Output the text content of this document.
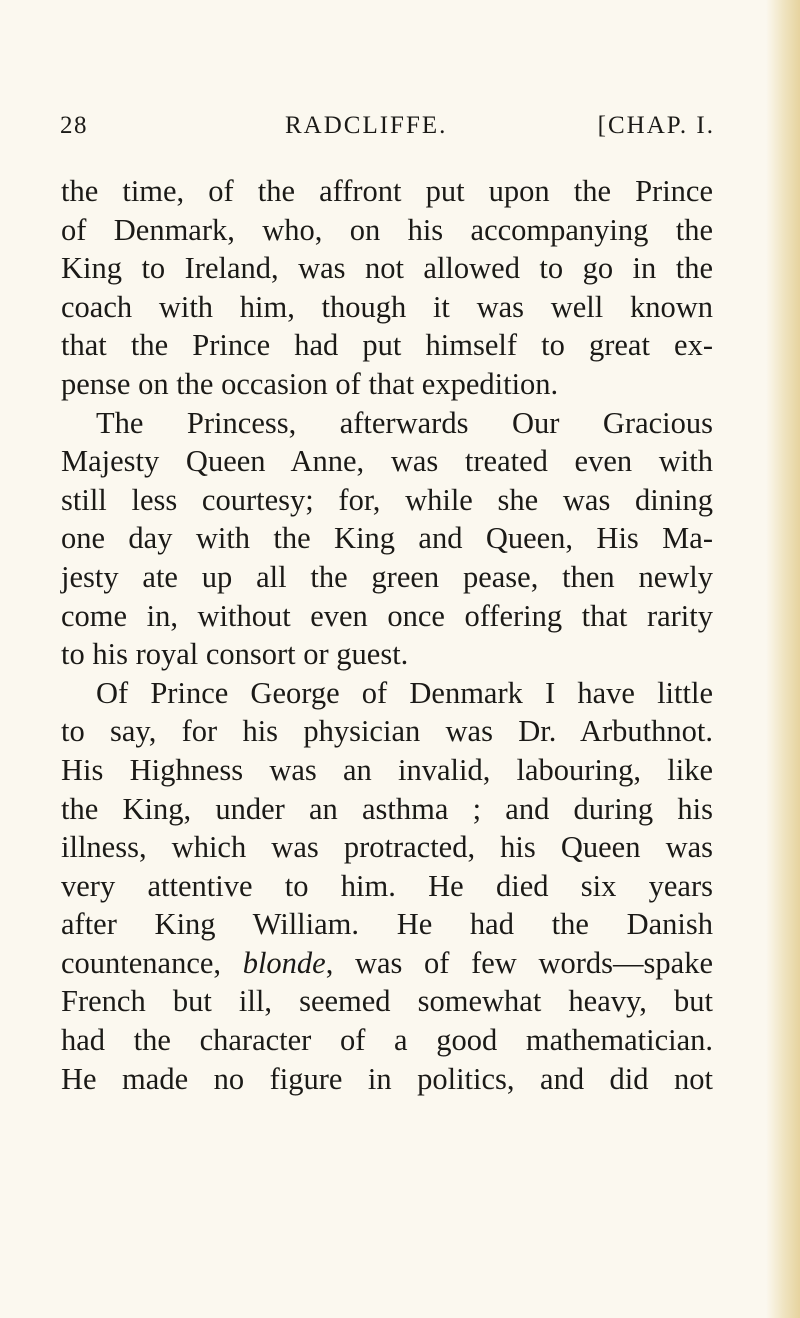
28	RADCLIFFE.	[CHAP. I.
the time, of the affront put upon the Prince
of Denmark, who, on his accompanying the
King to Ireland, was not allowed to go in the
coach with him, though it was well known
that the Prince had put himself to great ex-
pense on the occasion of that expedition.
The Princess, afterwards Our Gracious
Majesty Queen Anne, was treated even with
still less courtesy; for, while she was dining
one day with the King and Queen, His Ma-
jesty ate up all the green pease, then newly
come in, without even once offering that rarity
to his royal consort or guest.
Of Prince George of Denmark I have little
to say, for his physician was Dr. Arbuthnot.
His Highness was an invalid, labouring, like
the King, under an asthma ; and during his
illness, which was protracted, his Queen was
very attentive to him. He died six years
after King William. He had the Danish
countenance, blonde, was of few words—spake
French but ill, seemed somewhat heavy, but
had the character of a good mathematician.
He made no figure in politics, and did not
